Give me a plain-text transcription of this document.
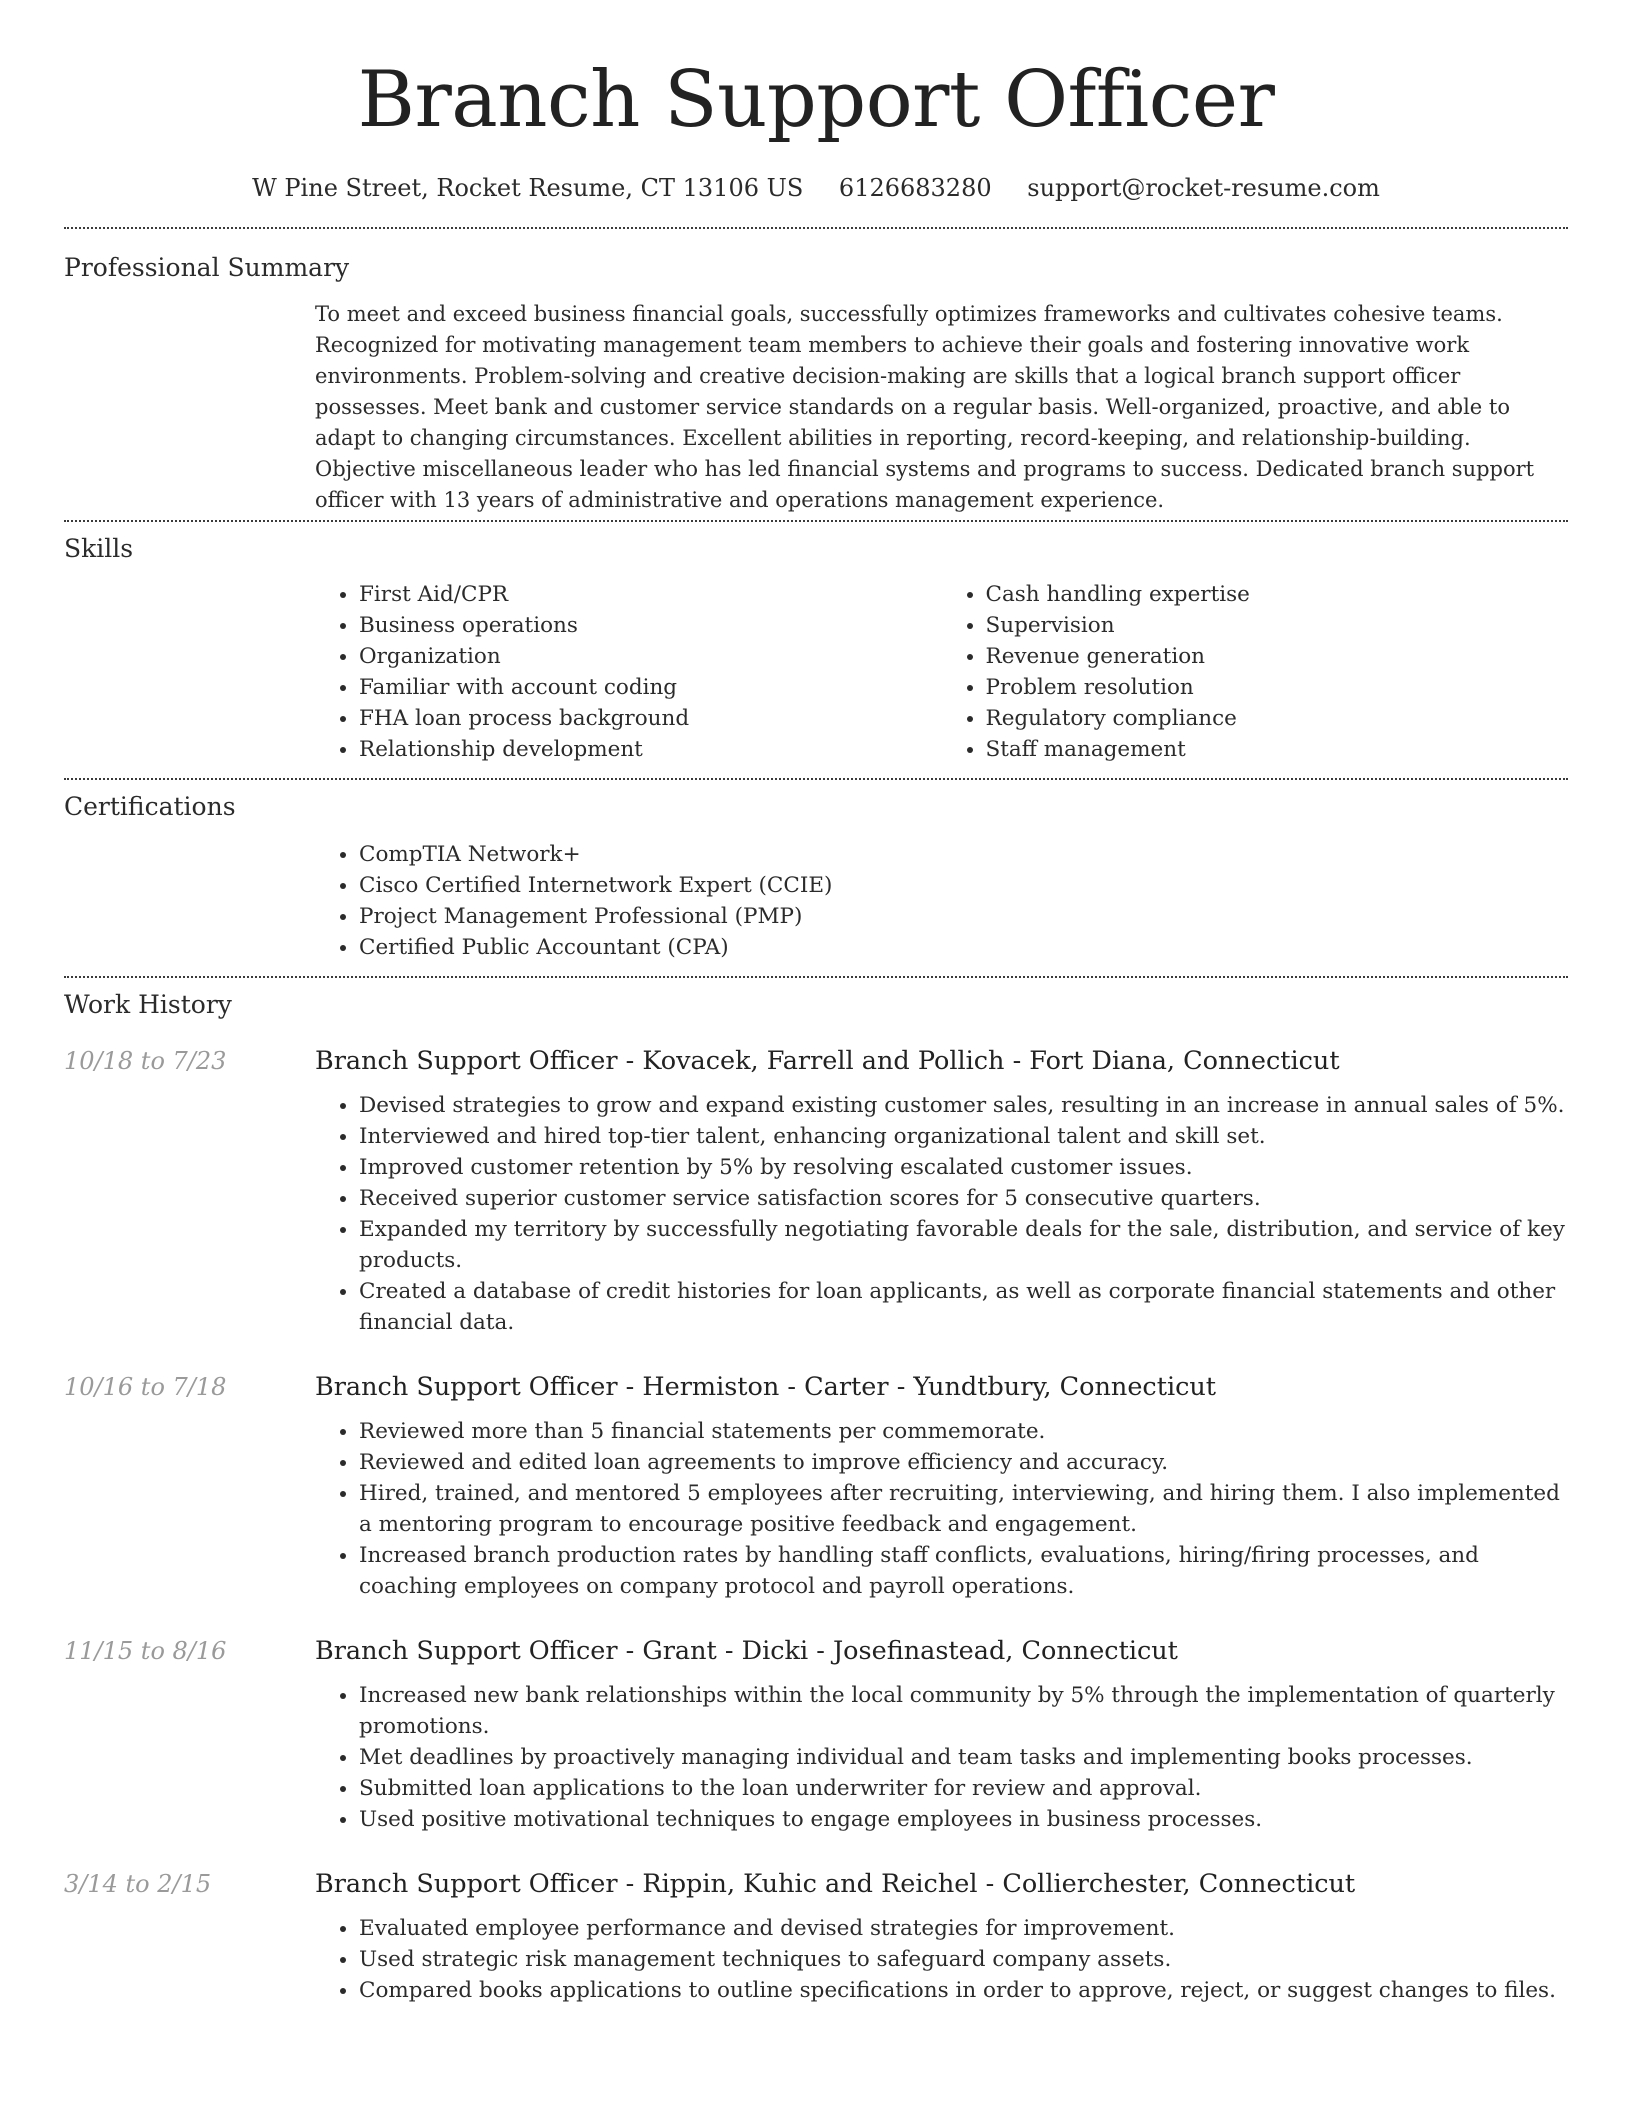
Branch Support Officer
W Pine Street, Rocket Resume, CT 13106 US 6126683280 support@rocket-resume.com
Professional Summary

To meet and exceed business financial goals, successfully optimizes frameworks and cultivates cohesive teams. Recognized for motivating management team members to achieve their goals and fostering innovative work environments. Problem-solving and creative decision-making are skills that a logical branch support officer possesses. Meet bank and customer service standards on a regular basis. Well-organized, proactive, and able to adapt to changing circumstances. Excellent abilities in reporting, record-keeping, and relationship-building. Objective miscellaneous leader who has led financial systems and programs to success. Dedicated branch support officer with 13 years of administrative and operations management experience.

Skills
• First Aid/CPR
• Business operations
• Organization
• Familiar with account coding
• FHA loan process background
• Relationship development
• Cash handling expertise
• Supervision
• Revenue generation
• Problem resolution
• Regulatory compliance
• Staff management
Certifications
• CompTIA Network+
• Cisco Certified Internetwork Expert (CCIE)
• Project Management Professional (PMP)
• Certified Public Accountant (CPA)
Work History
10/18 to 7/23	Branch Support Officer - Kovacek, Farrell and Pollich - Fort Diana, Connecticut
• Devised strategies to grow and expand existing customer sales, resulting in an increase in annual sales of 5%.
• Interviewed and hired top-tier talent, enhancing organizational talent and skill set.
• Improved customer retention by 5% by resolving escalated customer issues.
• Received superior customer service satisfaction scores for 5 consecutive quarters.
• Expanded my territory by successfully negotiating favorable deals for the sale, distribution, and service of key products.
• Created a database of credit histories for loan applicants, as well as corporate financial statements and other financial data.
10/16 to 7/18	Branch Support Officer - Hermiston - Carter - Yundtbury, Connecticut
• Reviewed more than 5 financial statements per commemorate.
• Reviewed and edited loan agreements to improve efficiency and accuracy.
• Hired, trained, and mentored 5 employees after recruiting, interviewing, and hiring them. I also implemented a mentoring program to encourage positive feedback and engagement.
• Increased branch production rates by handling staff conflicts, evaluations, hiring/firing processes, and coaching employees on company protocol and payroll operations.
11/15 to 8/16	Branch Support Officer - Grant - Dicki - Josefinastead, Connecticut
• Increased new bank relationships within the local community by 5% through the implementation of quarterly promotions.
• Met deadlines by proactively managing individual and team tasks and implementing books processes.
• Submitted loan applications to the loan underwriter for review and approval.
• Used positive motivational techniques to engage employees in business processes.
3/14 to 2/15	Branch Support Officer - Rippin, Kuhic and Reichel - Collierchester, Connecticut
• Evaluated employee performance and devised strategies for improvement.
• Used strategic risk management techniques to safeguard company assets.
• Compared books applications to outline specifications in order to approve, reject, or suggest changes to files.
